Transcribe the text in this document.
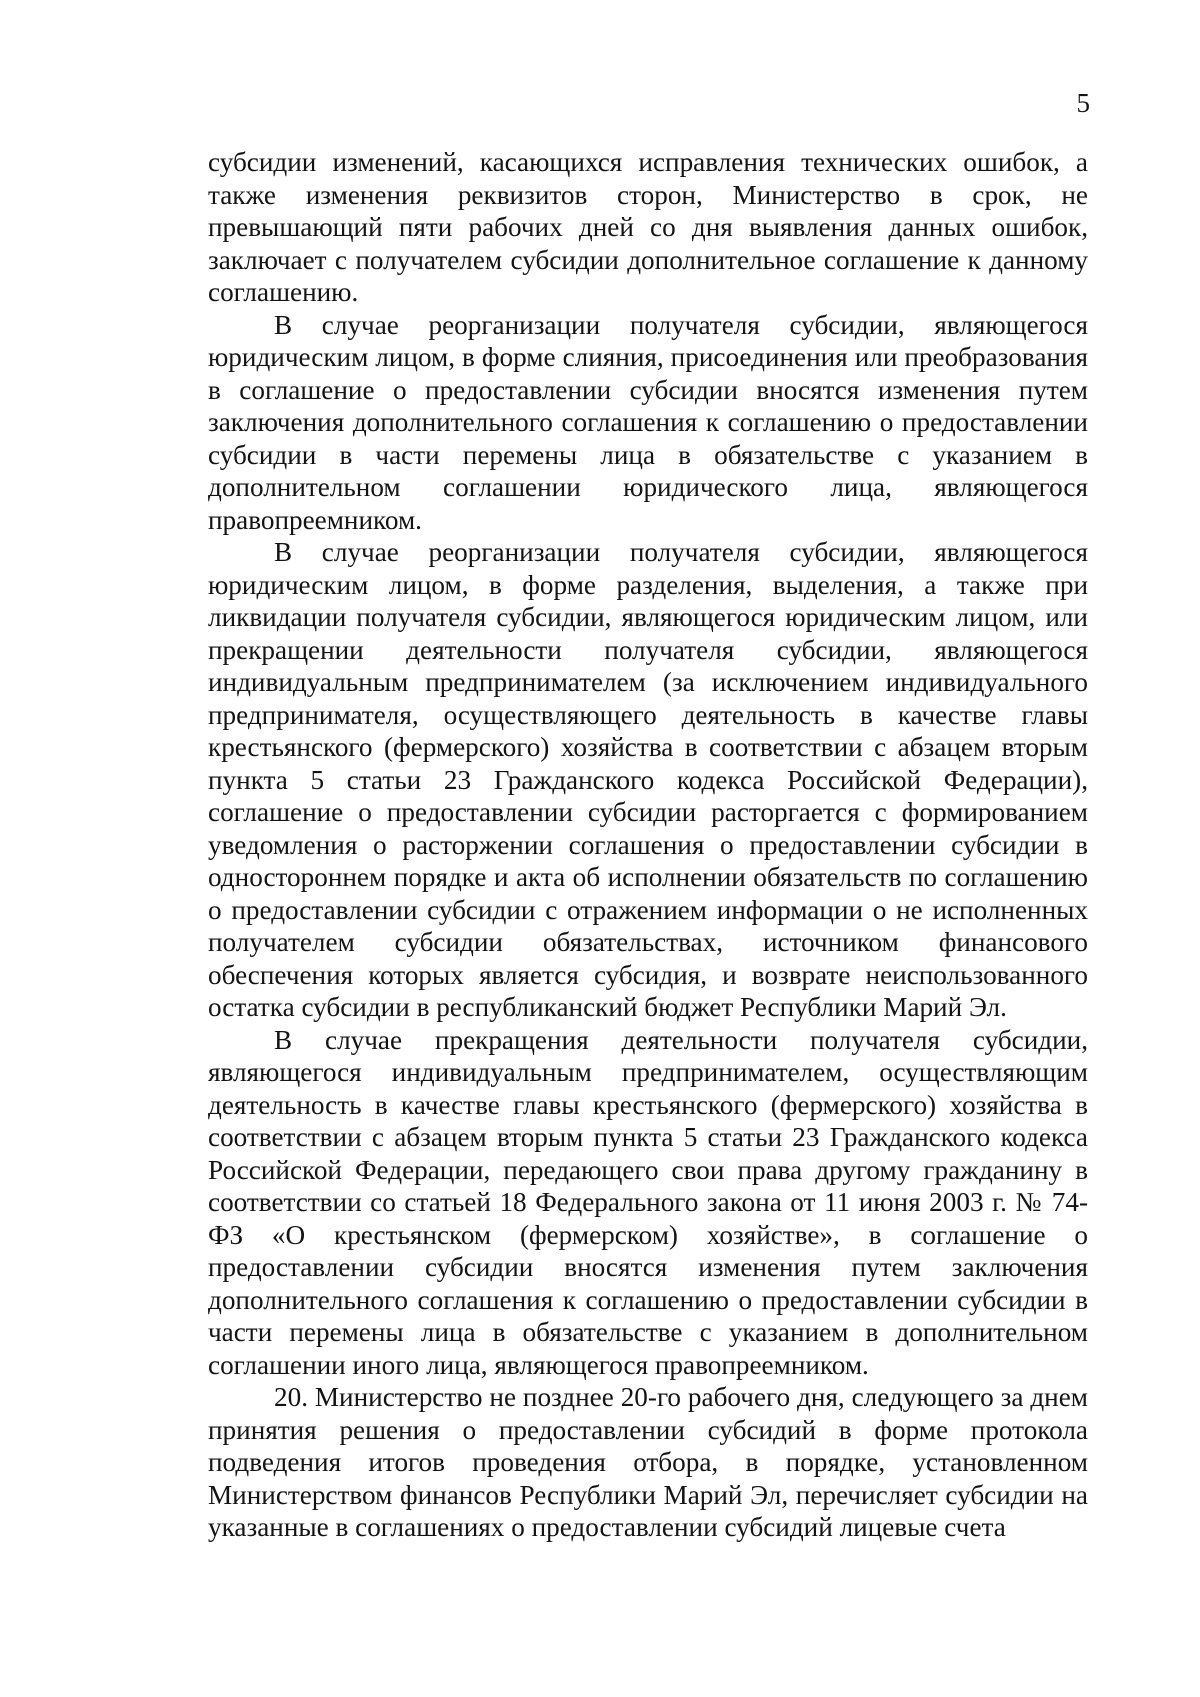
5

субсидии изменений, касающихся исправления технических ошибок, а также изменения реквизитов сторон, Министерство в срок, не превышающий пяти рабочих дней со дня выявления данных ошибок, заключает с получателем субсидии дополнительное соглашение к данному соглашению.

В случае реорганизации получателя субсидии, являющегося юридическим лицом, в форме слияния, присоединения или преобразования в соглашение о предоставлении субсидии вносятся изменения путем заключения дополнительного соглашения к соглашению о предоставлении субсидии в части перемены лица в обязательстве с указанием в дополнительном соглашении юридического лица, являющегося правопреемником.

В случае реорганизации получателя субсидии, являющегося юридическим лицом, в форме разделения, выделения, а также при ликвидации получателя субсидии, являющегося юридическим лицом, или прекращении деятельности получателя субсидии, являющегося индивидуальным предпринимателем (за исключением индивидуального предпринимателя, осуществляющего деятельность в качестве главы крестьянского (фермерского) хозяйства в соответствии с абзацем вторым пункта 5 статьи 23 Гражданского кодекса Российской Федерации), соглашение о предоставлении субсидии расторгается с формированием уведомления о расторжении соглашения о предоставлении субсидии в одностороннем порядке и акта об исполнении обязательств по соглашению о предоставлении субсидии с отражением информации о не исполненных получателем субсидии обязательствах, источником финансового обеспечения которых является субсидия, и возврате неиспользованного остатка субсидии в республиканский бюджет Республики Марий Эл.

В случае прекращения деятельности получателя субсидии, являющегося индивидуальным предпринимателем, осуществляющим деятельность в качестве главы крестьянского (фермерского) хозяйства в соответствии с абзацем вторым пункта 5 статьи 23 Гражданского кодекса Российской Федерации, передающего свои права другому гражданину в соответствии со статьей 18 Федерального закона от 11 июня 2003 г. № 74-ФЗ «О крестьянском (фермерском) хозяйстве», в соглашение о предоставлении субсидии вносятся изменения путем заключения дополнительного соглашения к соглашению о предоставлении субсидии в части перемены лица в обязательстве с указанием в дополнительном соглашении иного лица, являющегося правопреемником.

20. Министерство не позднее 20-го рабочего дня, следующего за днем принятия решения о предоставлении субсидий в форме протокола подведения итогов проведения отбора, в порядке, установленном Министерством финансов Республики Марий Эл, перечисляет субсидии на указанные в соглашениях о предоставлении субсидий лицевые счета
